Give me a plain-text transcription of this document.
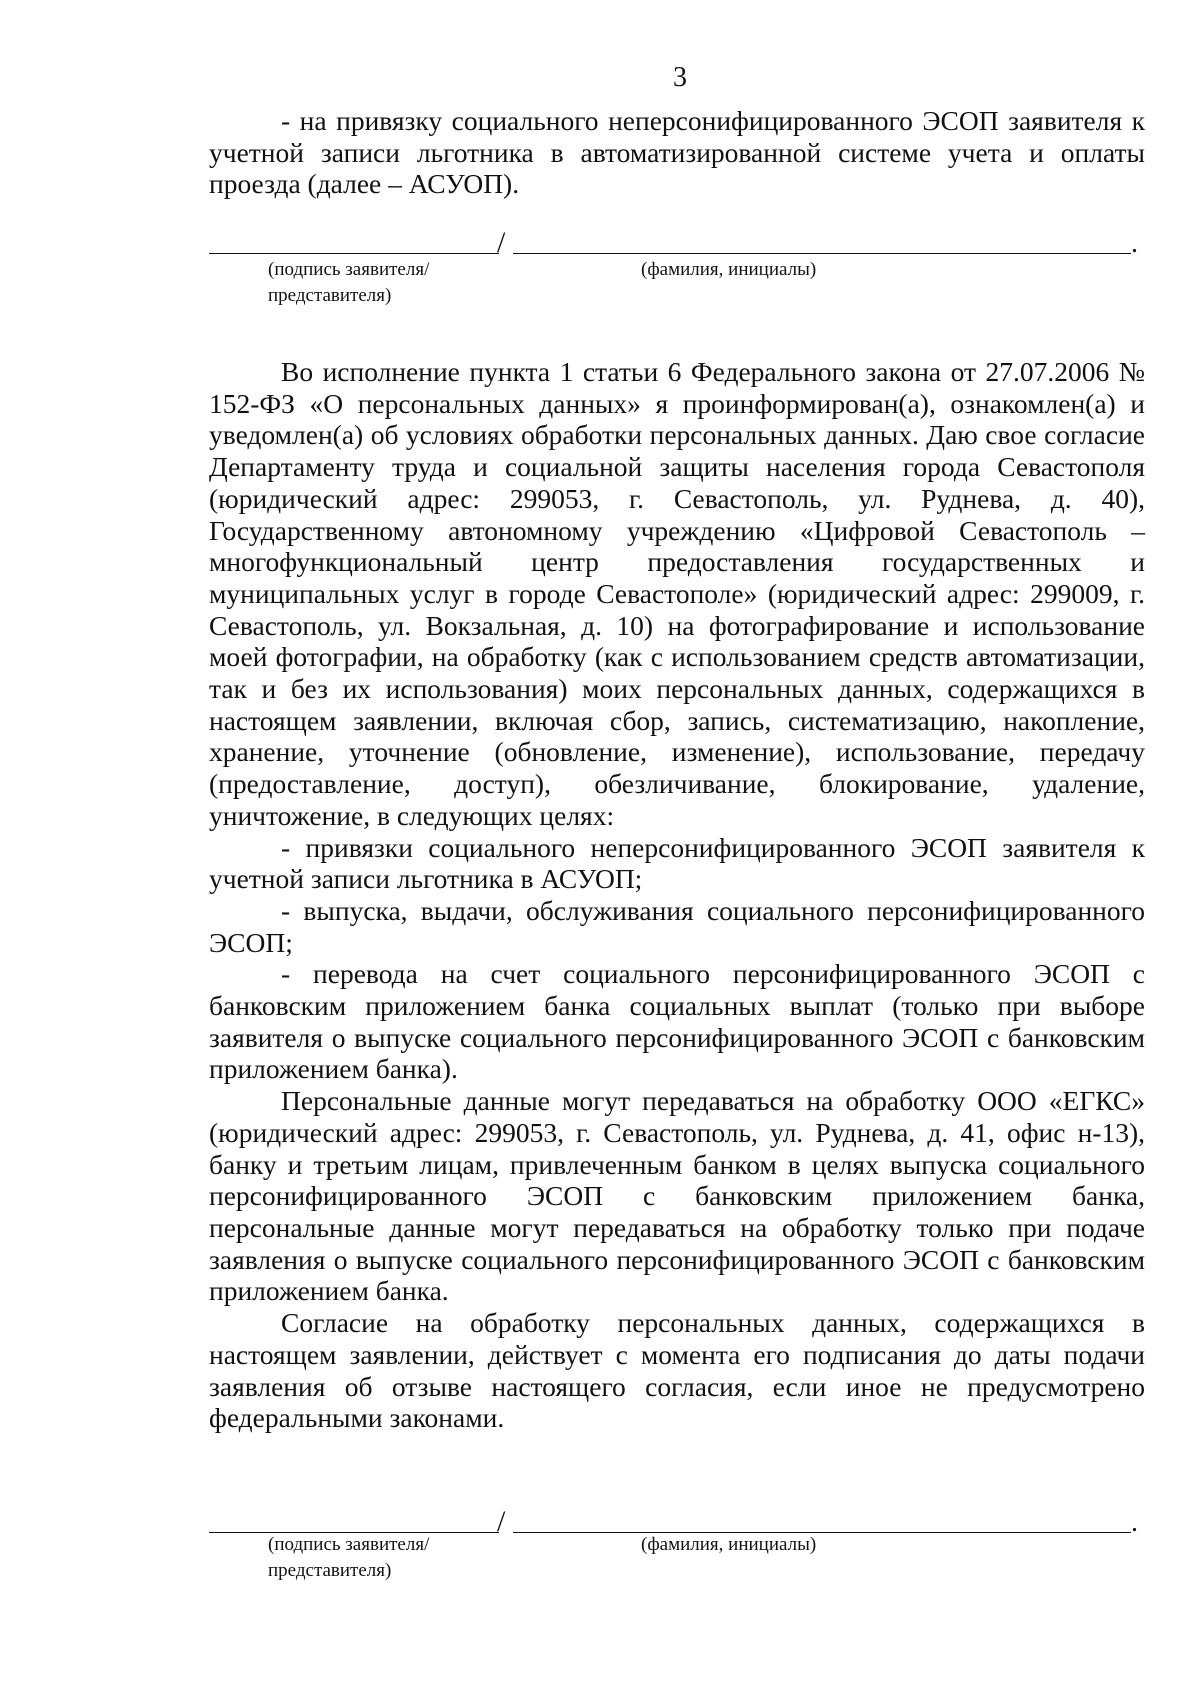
3

- на привязку социального неперсонифицированного ЭСОП заявителя к учетной записи льготника в автоматизированной системе учета и оплаты проезда (далее – АСУОП).

/	.
(подпись заявителя/
представителя)
(фамилия, инициалы)

Во исполнение пункта 1 статьи 6 Федерального закона от 27.07.2006 № 152-ФЗ «О персональных данных» я проинформирован(а), ознакомлен(а) и уведомлен(а) об условиях обработки персональных данных. Даю свое согласие Департаменту труда и социальной защиты населения города Севастополя (юридический адрес: 299053, г. Севастополь, ул. Руднева, д. 40), Государственному автономному учреждению «Цифровой Севастополь – многофункциональный центр предоставления государственных и муниципальных услуг в городе Севастополе» (юридический адрес: 299009, г. Севастополь, ул. Вокзальная, д. 10) на фотографирование и использование моей фотографии, на обработку (как с использованием средств автоматизации, так и без их использования) моих персональных данных, содержащихся в настоящем заявлении, включая сбор, запись, систематизацию, накопление, хранение, уточнение (обновление, изменение), использование, передачу (предоставление, доступ), обезличивание, блокирование, удаление, уничтожение, в следующих целях:

- привязки социального неперсонифицированного ЭСОП заявителя к учетной записи льготника в АСУОП;

- выпуска, выдачи, обслуживания социального персонифицированного ЭСОП;

- перевода на счет социального персонифицированного ЭСОП с банковским приложением банка социальных выплат (только при выборе заявителя о выпуске социального персонифицированного ЭСОП с банковским приложением банка).

Персональные данные могут передаваться на обработку ООО «ЕГКС» (юридический адрес: 299053, г. Севастополь, ул. Руднева, д. 41, офис н-13), банку и третьим лицам, привлеченным банком в целях выпуска социального персонифицированного ЭСОП с банковским приложением банка, персональные данные могут передаваться на обработку только при подаче заявления о выпуске социального персонифицированного ЭСОП с банковским приложением банка.

Согласие на обработку персональных данных, содержащихся в настоящем заявлении, действует с момента его подписания до даты подачи заявления об отзыве настоящего согласия, если иное не предусмотрено федеральными законами.

/	.
(подпись заявителя/
представителя)
(фамилия, инициалы)
